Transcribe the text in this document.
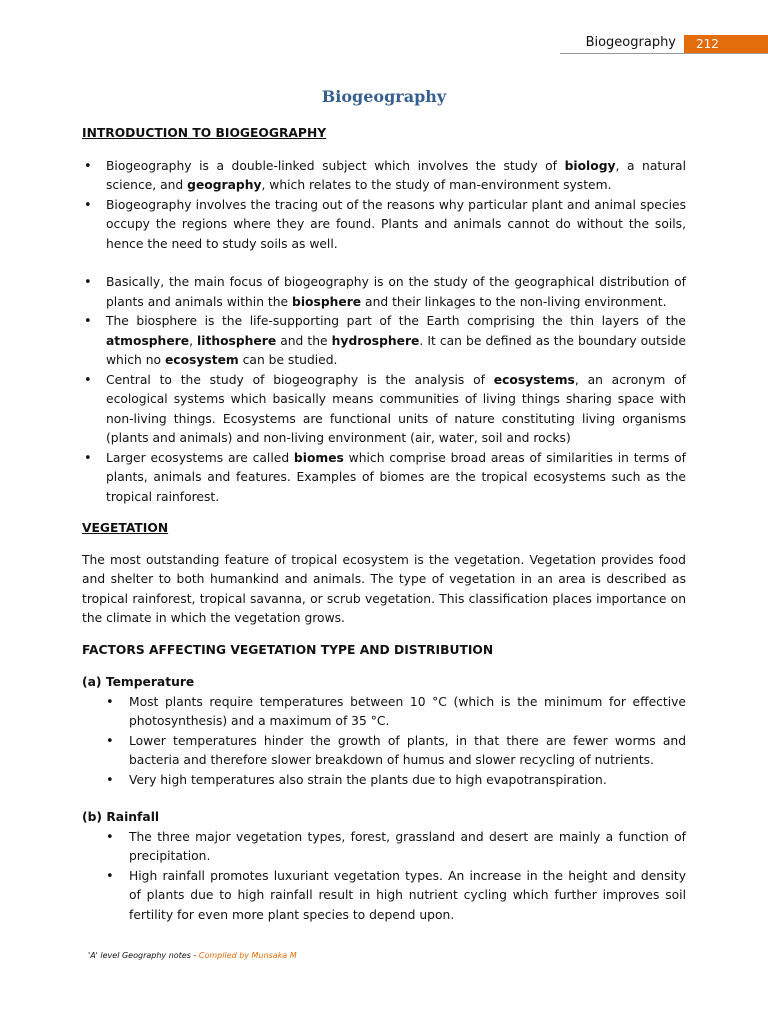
Biogeography	212
Biogeography
INTRODUCTION TO BIOGEOGRAPHY
• Biogeography is a double-linked subject which involves the study of biology, a natural science, and geography, which relates to the study of man-environment system.
• Biogeography involves the tracing out of the reasons why particular plant and animal species occupy the regions where they are found. Plants and animals cannot do without the soils, hence the need to study soils as well.
• Basically, the main focus of biogeography is on the study of the geographical distribution of plants and animals within the biosphere and their linkages to the non-living environment.
• The biosphere is the life-supporting part of the Earth comprising the thin layers of the atmosphere, lithosphere and the hydrosphere. It can be defined as the boundary outside which no ecosystem can be studied.
• Central to the study of biogeography is the analysis of ecosystems, an acronym of ecological systems which basically means communities of living things sharing space with non-living things. Ecosystems are functional units of nature constituting living organisms (plants and animals) and non-living environment (air, water, soil and rocks)
• Larger ecosystems are called biomes which comprise broad areas of similarities in terms of plants, animals and features. Examples of biomes are the tropical ecosystems such as the tropical rainforest.
VEGETATION

The most outstanding feature of tropical ecosystem is the vegetation. Vegetation provides food and shelter to both humankind and animals. The type of vegetation in an area is described as tropical rainforest, tropical savanna, or scrub vegetation. This classification places importance on the climate in which the vegetation grows.

FACTORS AFFECTING VEGETATION TYPE AND DISTRIBUTION
(a) Temperature
• Most plants require temperatures between 10 °C (which is the minimum for effective photosynthesis) and a maximum of 35 °C.
• Lower temperatures hinder the growth of plants, in that there are fewer worms and bacteria and therefore slower breakdown of humus and slower recycling of nutrients.
• Very high temperatures also strain the plants due to high evapotranspiration.
(b) Rainfall
• The three major vegetation types, forest, grassland and desert are mainly a function of precipitation.
• High rainfall promotes luxuriant vegetation types. An increase in the height and density of plants due to high rainfall result in high nutrient cycling which further improves soil fertility for even more plant species to depend upon.
'A' level Geography notes - Compiled by Munsaka M
